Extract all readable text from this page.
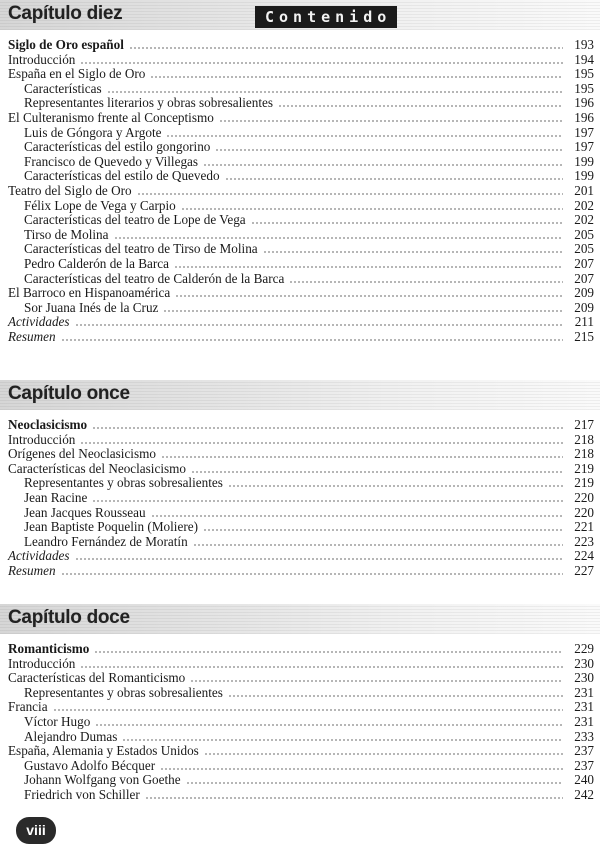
Capítulo diez	Contenido
Siglo de Oro español	193
Introducción	194
España en el Siglo de Oro	195
Características	195
Representantes literarios y obras sobresalientes	196
El Culteranismo frente al Conceptismo	196
Luis de Góngora y Argote	197
Características del estilo gongorino	197
Francisco de Quevedo y Villegas	199
Características del estilo de Quevedo	199
Teatro del Siglo de Oro	201
Félix Lope de Vega y Carpio	202
Características del teatro de Lope de Vega	202
Tirso de Molina	205
Características del teatro de Tirso de Molina	205
Pedro Calderón de la Barca	207
Características del teatro de Calderón de la Barca	207
El Barroco en Hispanoamérica	209
Sor Juana Inés de la Cruz	209
Actividades	211
Resumen	215
Capítulo once
Neoclasicismo	217
Introducción	218
Orígenes del Neoclasicismo	218
Características del Neoclasicismo	219
Representantes y obras sobresalientes	219
Jean Racine	220
Jean Jacques Rousseau	220
Jean Baptiste Poquelin (Moliere)	221
Leandro Fernández de Moratín	223
Actividades	224
Resumen	227
Capítulo doce
Romanticismo	229
Introducción	230
Características del Romanticismo	230
Representantes y obras sobresalientes	231
Francia	231
Víctor Hugo	231
Alejandro Dumas	233
España, Alemania y Estados Unidos	237
Gustavo Adolfo Bécquer	237
Johann Wolfgang von Goethe	240
Friedrich von Schiller	242
viii
